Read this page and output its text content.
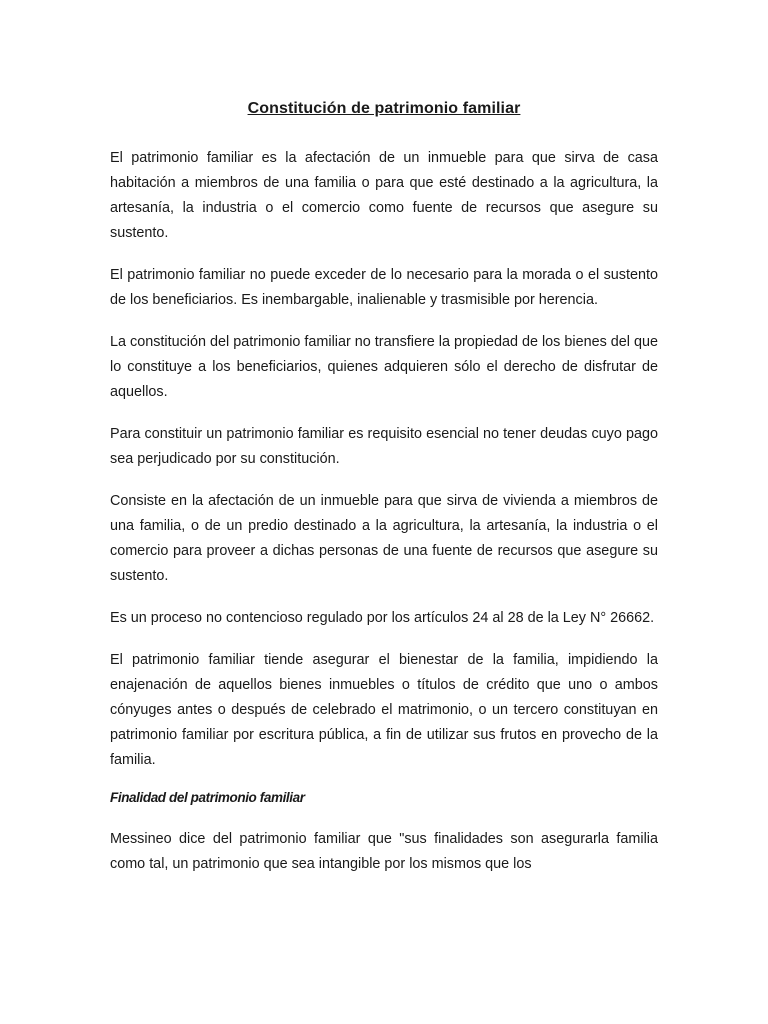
Constitución de patrimonio familiar

El patrimonio familiar es la afectación de un inmueble para que sirva de casa habitación a miembros de una familia o para que esté destinado a la agricultura, la artesanía, la industria o el comercio como fuente de recursos que asegure su sustento.

El patrimonio familiar no puede exceder de lo necesario para la morada o el sustento de los beneficiarios. Es inembargable, inalienable y trasmisible por herencia.

La constitución del patrimonio familiar no transfiere la propiedad de los bienes del que lo constituye a los beneficiarios, quienes adquieren sólo el derecho de disfrutar de aquellos.

Para constituir un patrimonio familiar es requisito esencial no tener deudas cuyo pago sea perjudicado por su constitución.

Consiste en la afectación de un inmueble para que sirva de vivienda a miembros de una familia, o de un predio destinado a la agricultura, la artesanía, la industria o el comercio para proveer a dichas personas de una fuente de recursos que asegure su sustento.

Es un proceso no contencioso regulado por los artículos 24 al 28 de la Ley N° 26662.

El patrimonio familiar tiende asegurar el bienestar de la familia, impidiendo la enajenación de aquellos bienes inmuebles o títulos de crédito que uno o ambos cónyuges antes o después de celebrado el matrimonio, o un tercero constituyan en patrimonio familiar por escritura pública, a fin de utilizar sus frutos en provecho de la familia.

Finalidad del patrimonio familiar

Messineo dice del patrimonio familiar que "sus finalidades son asegurarla familia como tal, un patrimonio que sea intangible por los mismos que los
